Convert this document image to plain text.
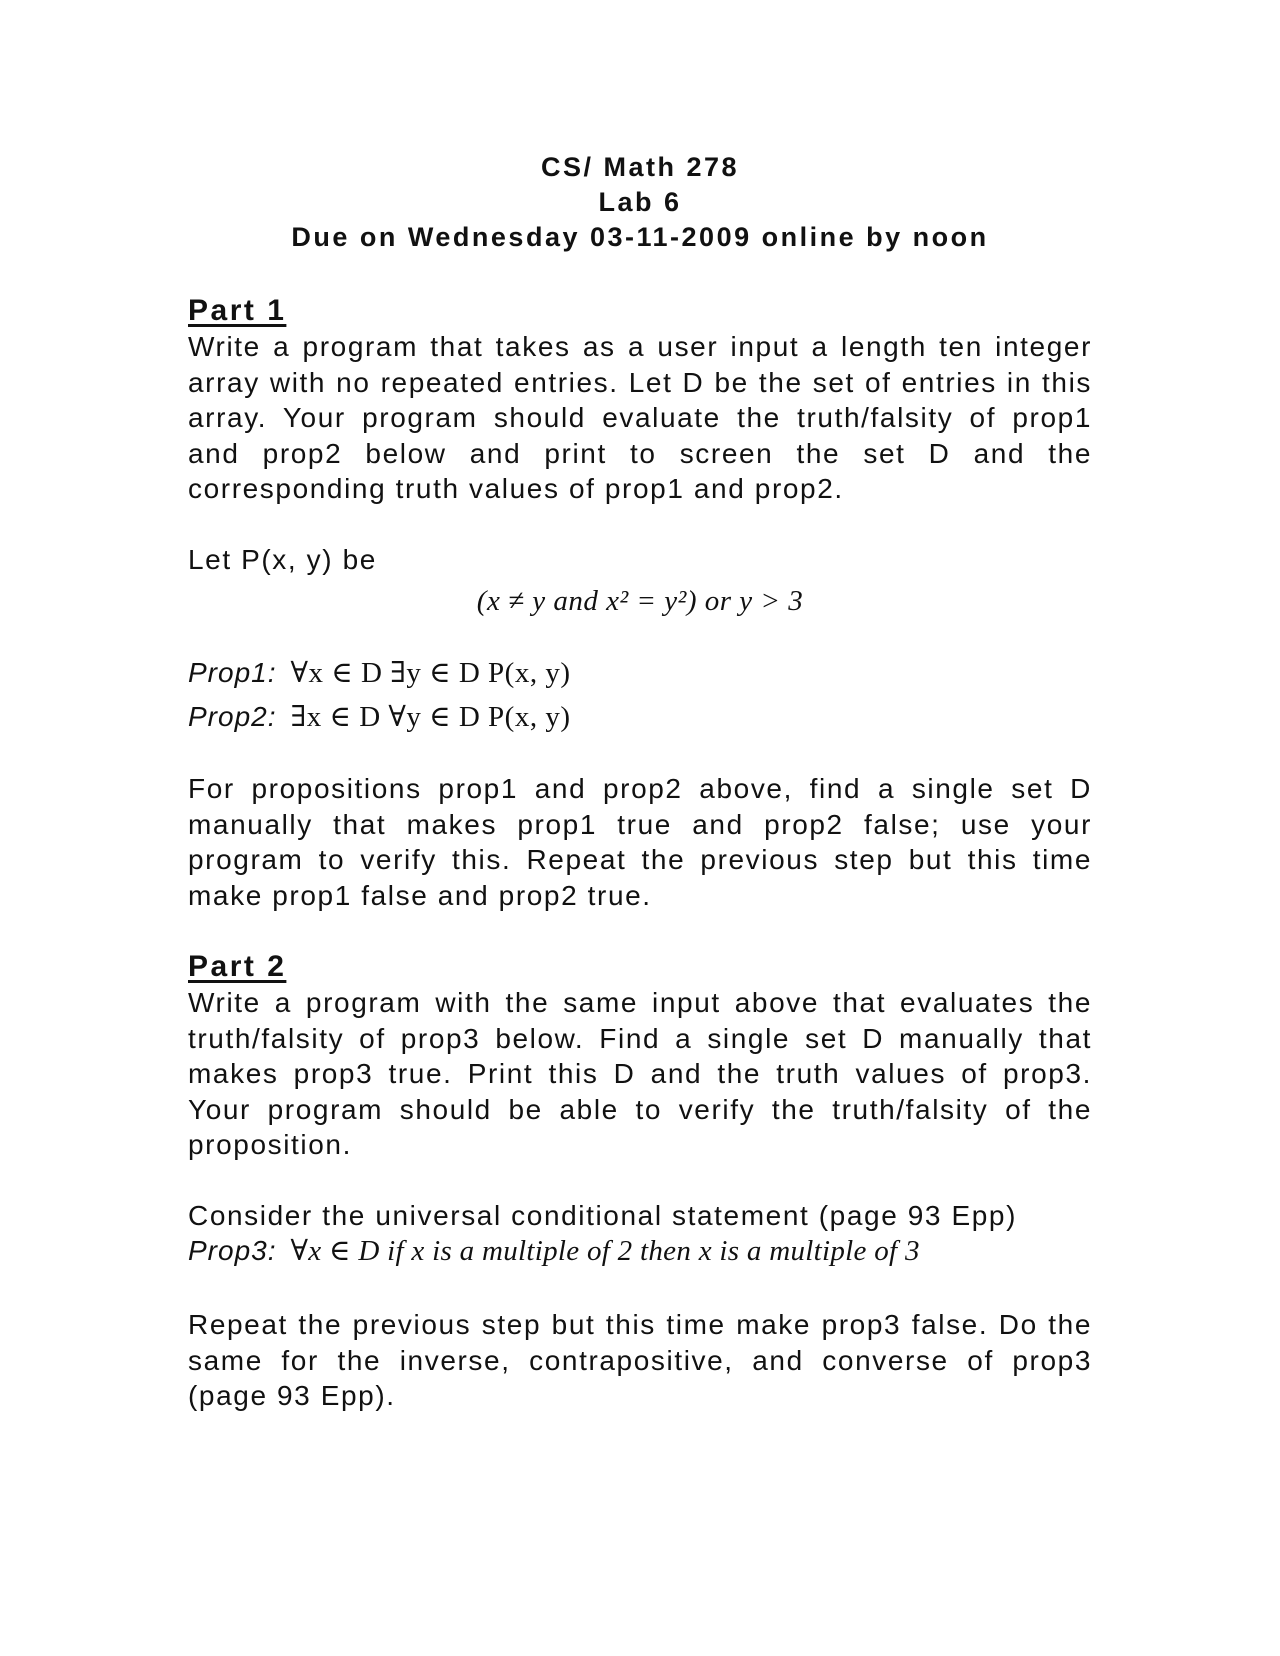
CS/ Math 278
Lab 6
Due on Wednesday 03-11-2009 online by noon
Part 1

Write a program that takes as a user input a length ten integer array with no repeated entries. Let D be the set of entries in this array. Your program should evaluate the truth/falsity of prop1 and prop2 below and print to screen the set D and the corresponding truth values of prop1 and prop2.

Let P(x, y) be
(x ≠ y and x² = y²) or y > 3
Prop1: ∀x ∈ D ∃y ∈ D P(x, y)
Prop2: ∃x ∈ D ∀y ∈ D P(x, y)

For propositions prop1 and prop2 above, find a single set D manually that makes prop1 true and prop2 false; use your program to verify this. Repeat the previous step but this time make prop1 false and prop2 true.

Part 2

Write a program with the same input above that evaluates the truth/falsity of prop3 below. Find a single set D manually that makes prop3 true. Print this D and the truth values of prop3. Your program should be able to verify the truth/falsity of the proposition.

Consider the universal conditional statement (page 93 Epp)
Prop3: ∀x ∈ D if x is a multiple of 2 then x is a multiple of 3

Repeat the previous step but this time make prop3 false. Do the same for the inverse, contrapositive, and converse of prop3 (page 93 Epp).
